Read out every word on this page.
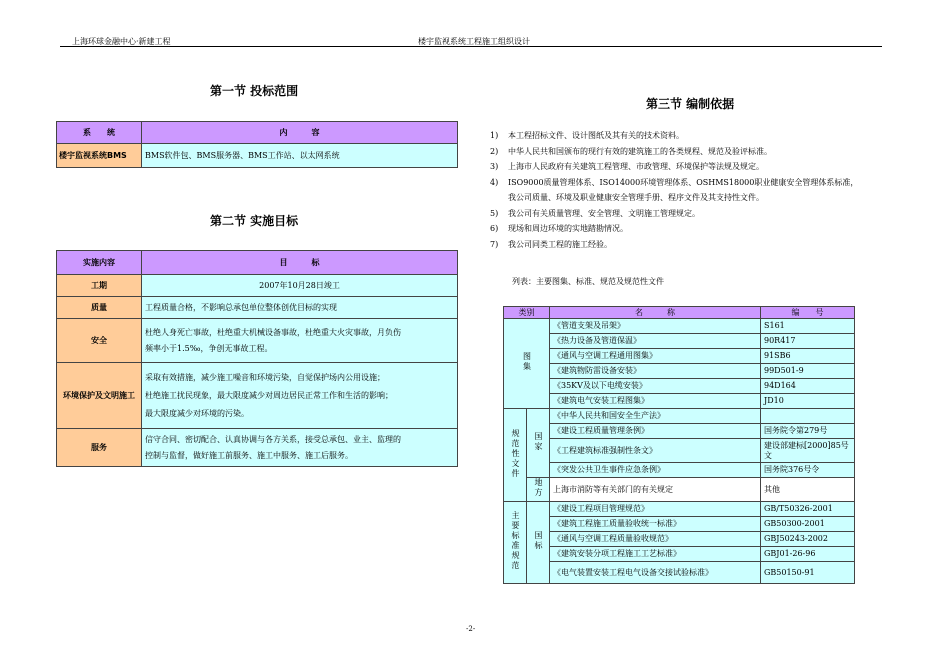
上海环球金融中心·新建工程	楼宇监视系统工程施工组织设计
第一节 投标范围
系　　统	内　　　容
楼宇监视系统BMS	BMS软件包、BMS服务器、BMS工作站、以太网系统
第二节 实施目标
实施内容	目　　　标
工期	2007年10月28日竣工
质量	工程质量合格，不影响总承包单位整体创优目标的实现
安全	杜绝人身死亡事故，杜绝重大机械设备事故，杜绝重大火灾事故，月负伤
频率小于1.5‰，争创无事故工程。

环境保护及文明施工	采取有效措施，减少施工噪音和环境污染，自觉保护场内公用设施；
杜绝施工扰民现象，最大限度减少对周边居民正常工作和生活的影响；
最大限度减少对环境的污染。

服务	信守合同、密切配合、认真协调与各方关系，接受总承包、业主、监理的
控制与监督，做好施工前服务、施工中服务、施工后服务。
第三节 编制依据
1)	本工程招标文件、设计图纸及其有关的技术资料。
2)	中华人民共和国颁布的现行有效的建筑施工的各类规程、规范及验评标准。
3)	上海市人民政府有关建筑工程管理、市政管理、环境保护等法规及规定。
4)	ISO9000质量管理体系、ISO14000环境管理体系、OSHMS18000职业健康安全管理体系标准，
我公司质量、环境及职业健康安全管理手册、程序文件及其支持性文件。
5)	我公司有关质量管理、安全管理、文明施工管理规定。
6)	现场和周边环境的实地踏勘情况。
7)	我公司同类工程的施工经验。
列表：主要图集、标准、规范及规范性文件
类别		名　　　称	编　　号
图集		《管道支架及吊架》	S161
		《热力设备及管道保温》	90R417
		《通风与空调工程通用图集》	91SB6
		《建筑物防雷设备安装》	99D501-9
		《35KV及以下电缆安装》	94D164
		《建筑电气安装工程图集》	JD10
规范性文件	国家	《中华人民共和国安全生产法》	
		《建设工程质量管理条例》	国务院令第279号
		《工程建筑标准强制性条文》	建设部建标[2000]85号文
		《突发公共卫生事件应急条例》	国务院376号令
	地方	上海市消防等有关部门的有关规定	其他
主要标准规范	国标	《建设工程项目管理规范》	GB/T50326-2001
		《建筑工程施工质量验收统一标准》	GB50300-2001
		《通风与空调工程质量验收规范》	GBJ50243-2002
		《建筑安装分项工程施工工艺标准》	GBJ01-26-96
		《电气装置安装工程电气设备交接试验标准》	GB50150-91
-2-
